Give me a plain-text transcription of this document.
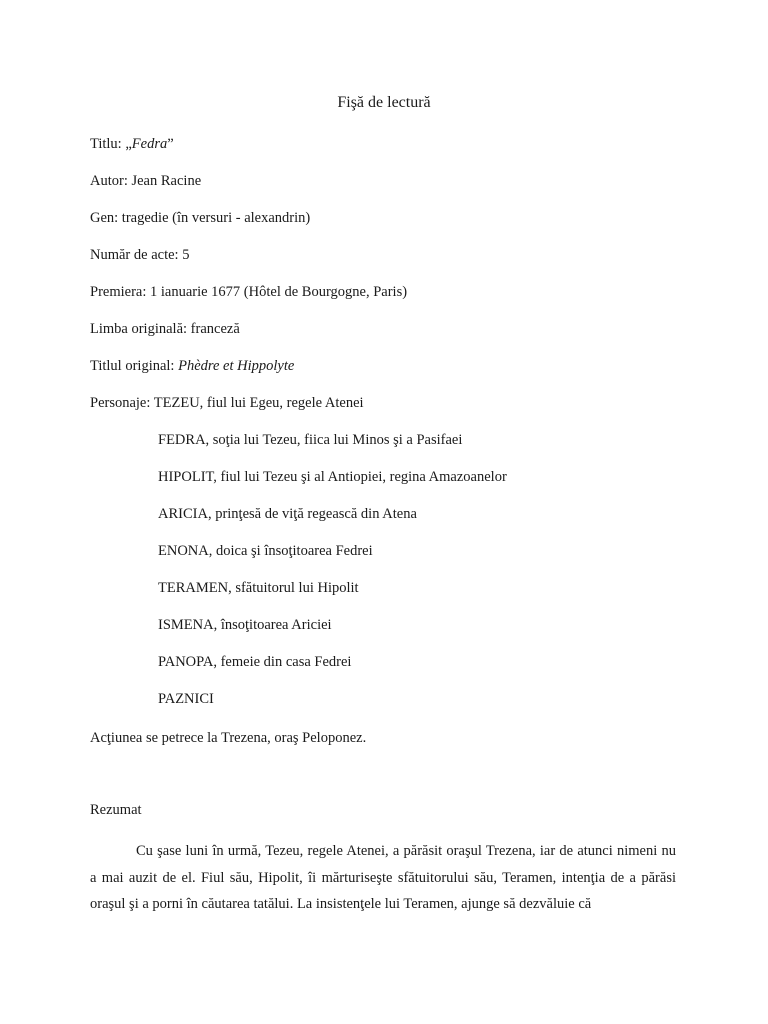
Fişă de lectură
Titlu: „Fedra”
Autor: Jean Racine
Gen: tragedie (în versuri - alexandrin)
Număr de acte: 5
Premiera: 1 ianuarie 1677 (Hôtel de Bourgogne, Paris)
Limba originală: franceză
Titlul original: Phèdre et Hippolyte
Personaje: TEZEU, fiul lui Egeu, regele Atenei
FEDRA, soţia lui Tezeu, fiica lui Minos şi a Pasifaei
HIPOLIT, fiul lui Tezeu şi al Antiopiei, regina Amazoanelor
ARICIA, prinţesă de viţă regească din Atena
ENONA, doica şi însoţitoarea Fedrei
TERAMEN, sfătuitorul lui Hipolit
ISMENA, însoţitoarea Ariciei
PANOPA, femeie din casa Fedrei
PAZNICI
Acţiunea se petrece la Trezena, oraş Peloponez.
Rezumat
Cu şase luni în urmă, Tezeu, regele Atenei, a părăsit oraşul Trezena, iar de atunci nimeni nu a mai auzit de el. Fiul său, Hipolit, îi mărturiseşte sfătuitorului său, Teramen, intenţia de a părăsi oraşul şi a porni în căutarea tatălui. La insistenţele lui Teramen, ajunge să dezvăluie că
